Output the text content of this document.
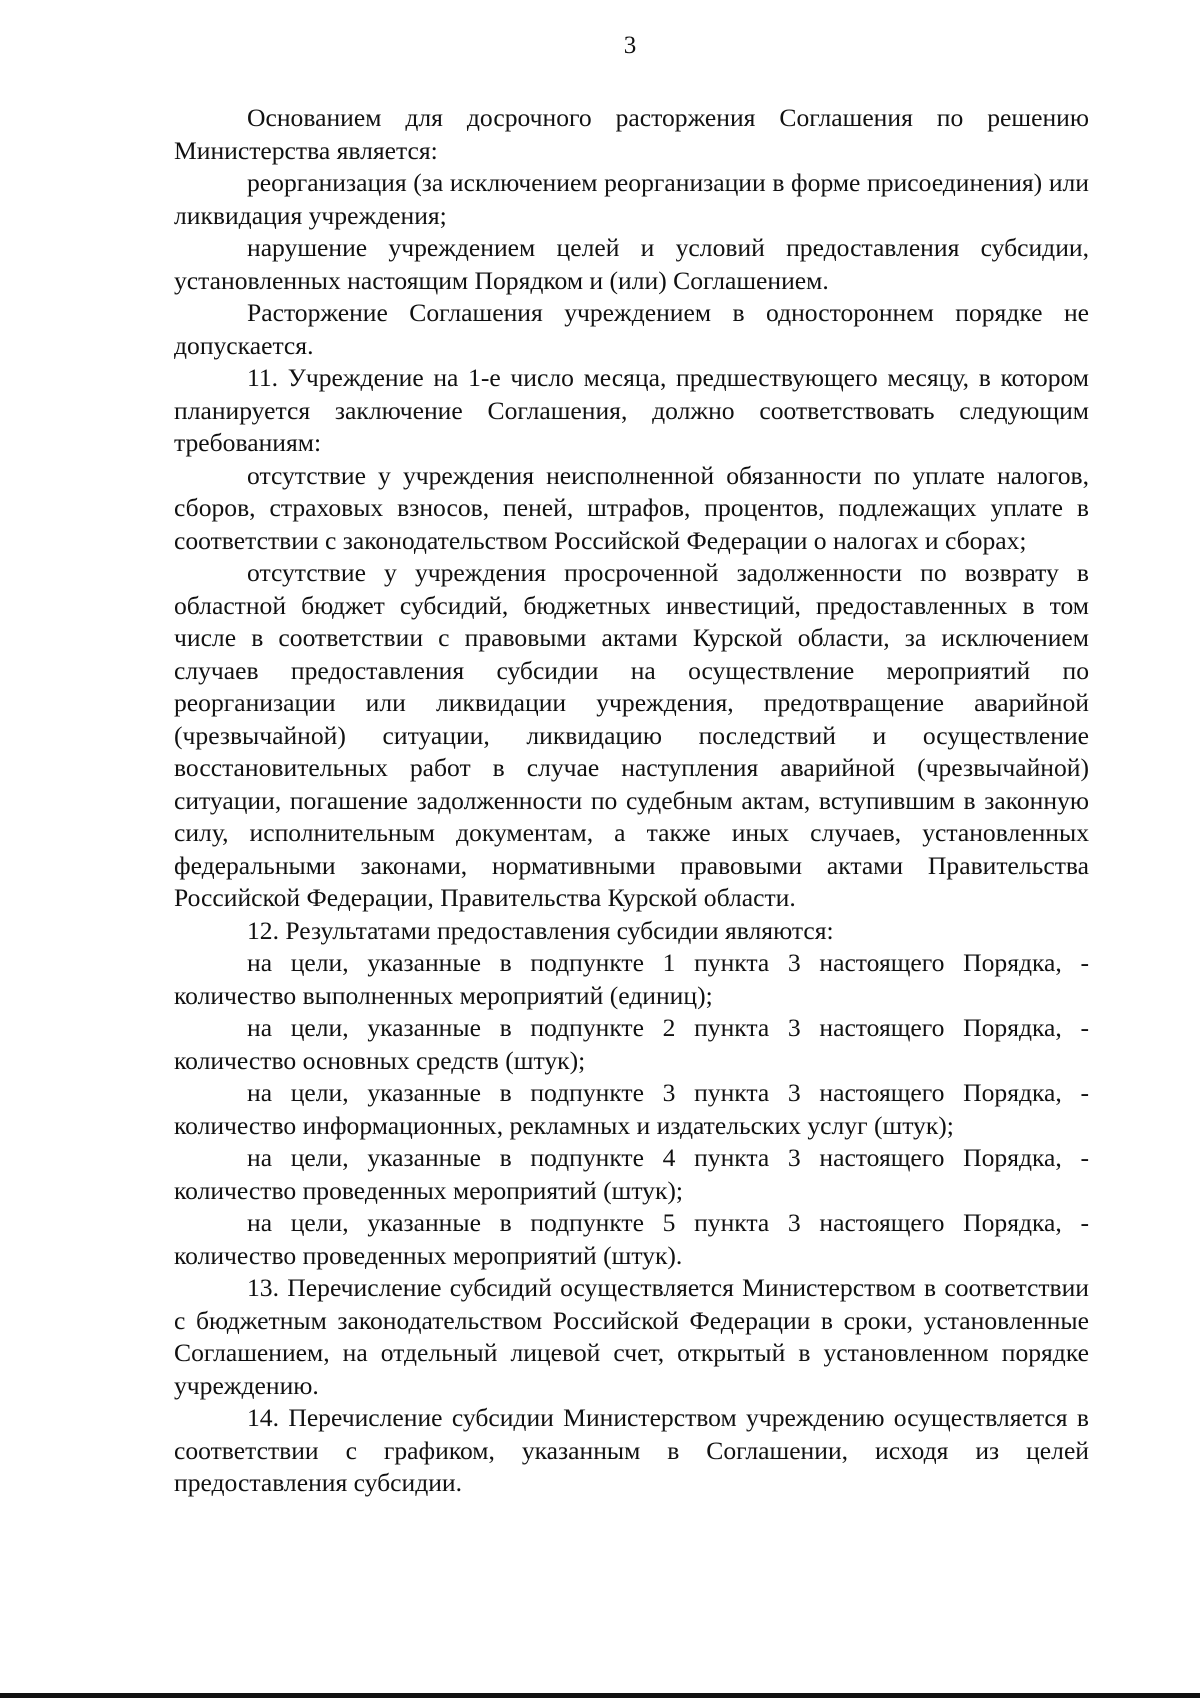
3

Основанием для досрочного расторжения Соглашения по решению Министерства является:

реорганизация (за исключением реорганизации в форме присоединения) или ликвидация учреждения;

нарушение учреждением целей и условий предоставления субсидии, установленных настоящим Порядком и (или) Соглашением.

Расторжение Соглашения учреждением в одностороннем порядке не допускается.

11. Учреждение на 1-е число месяца, предшествующего месяцу, в котором планируется заключение Соглашения, должно соответствовать следующим требованиям:

отсутствие у учреждения неисполненной обязанности по уплате налогов, сборов, страховых взносов, пеней, штрафов, процентов, подлежащих уплате в соответствии с законодательством Российской Федерации о налогах и сборах;

отсутствие у учреждения просроченной задолженности по возврату в областной бюджет субсидий, бюджетных инвестиций, предоставленных в том числе в соответствии с правовыми актами Курской области, за исключением случаев предоставления субсидии на осуществление мероприятий по реорганизации или ликвидации учреждения, предотвращение аварийной (чрезвычайной) ситуации, ликвидацию последствий и осуществление восстановительных работ в случае наступления аварийной (чрезвычайной) ситуации, погашение задолженности по судебным актам, вступившим в законную силу, исполнительным документам, а также иных случаев, установленных федеральными законами, нормативными правовыми актами Правительства Российской Федерации, Правительства Курской области.

12. Результатами предоставления субсидии являются:

на цели, указанные в подпункте 1 пункта 3 настоящего Порядка, - количество выполненных мероприятий (единиц);

на цели, указанные в подпункте 2 пункта 3 настоящего Порядка, - количество основных средств (штук);

на цели, указанные в подпункте 3 пункта 3 настоящего Порядка, - количество информационных, рекламных и издательских услуг (штук);

на цели, указанные в подпункте 4 пункта 3 настоящего Порядка, - количество проведенных мероприятий (штук);

на цели, указанные в подпункте 5 пункта 3 настоящего Порядка, - количество проведенных мероприятий (штук).

13. Перечисление субсидий осуществляется Министерством в соответствии с бюджетным законодательством Российской Федерации в сроки, установленные Соглашением, на отдельный лицевой счет, открытый в установленном порядке учреждению.

14. Перечисление субсидии Министерством учреждению осуществляется в соответствии с графиком, указанным в Соглашении, исходя из целей предоставления субсидии.
